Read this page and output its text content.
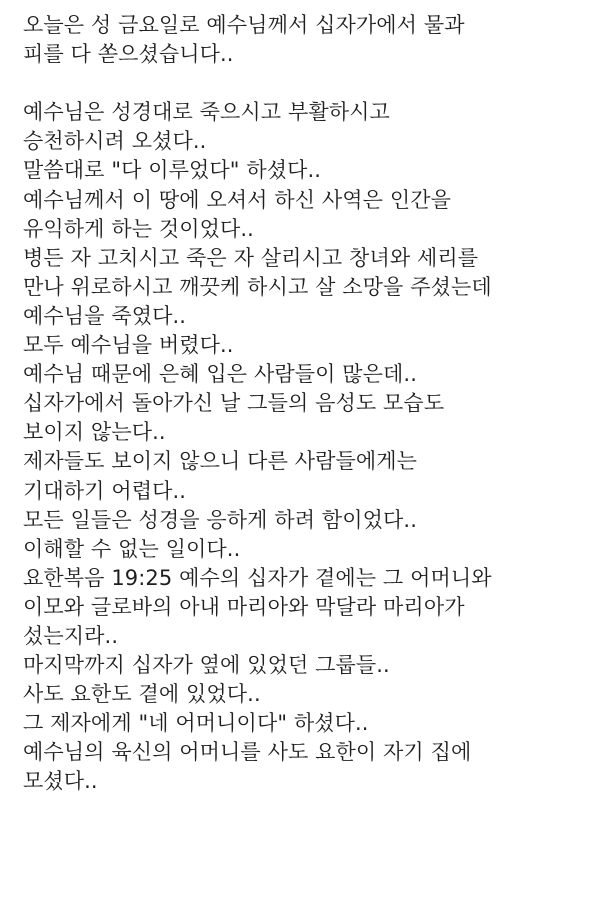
오늘은 성 금요일로 예수님께서 십자가에서 물과
피를 다 쏟으셨습니다..
예수님은 성경대로 죽으시고 부활하시고
승천하시려 오셨다..
말씀대로 "다 이루었다" 하셨다..
예수님께서 이 땅에 오셔서 하신 사역은 인간을
유익하게 하는 것이었다..
병든 자 고치시고 죽은 자 살리시고 창녀와 세리를
만나 위로하시고 깨끗케 하시고 살 소망을 주셨는데
예수님을 죽였다..
모두 예수님을 버렸다..
예수님 때문에 은혜 입은 사람들이 많은데..
십자가에서 돌아가신 날 그들의 음성도 모습도
보이지 않는다..
제자들도 보이지 않으니 다른 사람들에게는
기대하기 어렵다..
모든 일들은 성경을 응하게 하려 함이었다..
이해할 수 없는 일이다..
요한복음 19:25 예수의 십자가 곁에는 그 어머니와
이모와 글로바의 아내 마리아와 막달라 마리아가
섰는지라..
마지막까지 십자가 옆에 있었던 그룹들..
사도 요한도 곁에 있었다..
그 제자에게 "네 어머니이다" 하셨다..
예수님의 육신의 어머니를 사도 요한이 자기 집에
모셨다..
